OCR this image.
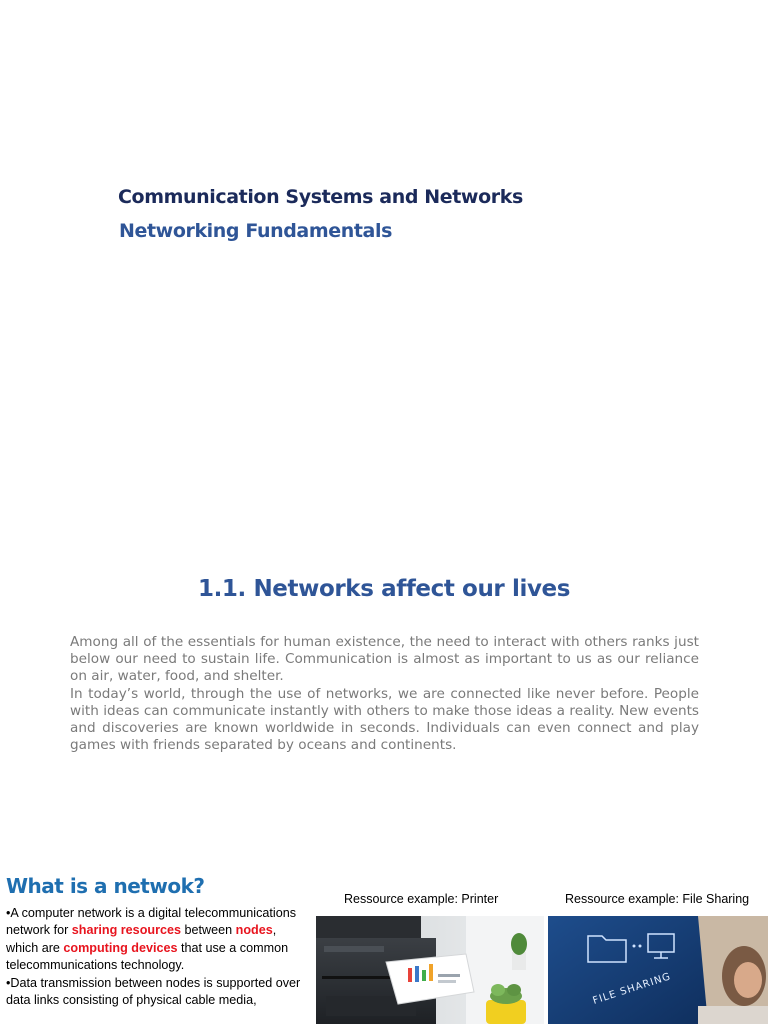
Communication Systems and Networks
Networking Fundamentals
1.1. Networks affect our lives

Among all of the essentials for human existence, the need to interact with others ranks just below our need to sustain life. Communication is almost as important to us as our reliance on air, water, food, and shelter.

In today’s world, through the use of networks, we are connected like never before. People with ideas can communicate instantly with others to make those ideas a reality. New events and discoveries are known worldwide in seconds. Individuals can even connect and play games with friends separated by oceans and continents.

What is a netwok?

•A computer network is a digital telecommunications network for sharing resources between nodes, which are computing devices that use a common telecommunications technology.

•Data transmission between nodes is supported over data links consisting of physical cable media,

Ressource example: Printer	Ressource example: File Sharing
FILE SHARING
